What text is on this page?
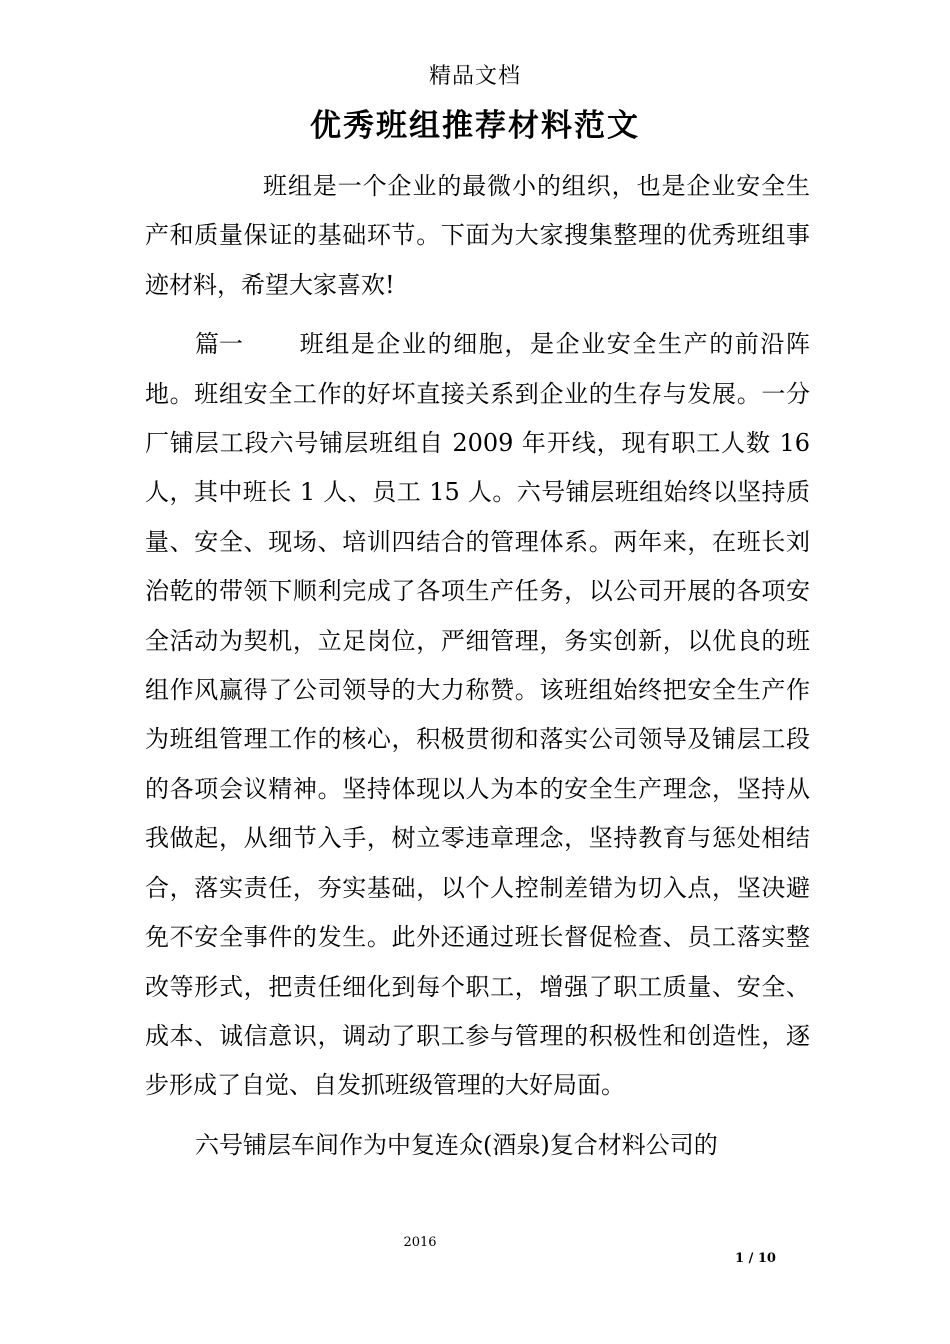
精品文档
优秀班组推荐材料范文

班组是一个企业的最微小的组织，也是企业安全生产和质量保证的基础环节。下面为大家搜集整理的优秀班组事迹材料，希望大家喜欢!

篇一 班组是企业的细胞，是企业安全生产的前沿阵地。班组安全工作的好坏直接关系到企业的生存与发展。一分厂铺层工段六号铺层班组自 2009 年开线，现有职工人数 16 人，其中班长 1 人、员工 15 人。六号铺层班组始终以坚持质量、安全、现场、培训四结合的管理体系。两年来，在班长刘治乾的带领下顺利完成了各项生产任务，以公司开展的各项安全活动为契机，立足岗位，严细管理，务实创新，以优良的班组作风赢得了公司领导的大力称赞。该班组始终把安全生产作为班组管理工作的核心，积极贯彻和落实公司领导及铺层工段的各项会议精神。坚持体现以人为本的安全生产理念，坚持从我做起，从细节入手，树立零违章理念，坚持教育与惩处相结合，落实责任，夯实基础，以个人控制差错为切入点，坚决避免不安全事件的发生。此外还通过班长督促检查、员工落实整改等形式，把责任细化到每个职工，增强了职工质量、安全、成本、诚信意识，调动了职工参与管理的积极性和创造性，逐步形成了自觉、自发抓班级管理的大好局面。

六号铺层车间作为中复连众(酒泉)复合材料公司的

2016
1 / 10
